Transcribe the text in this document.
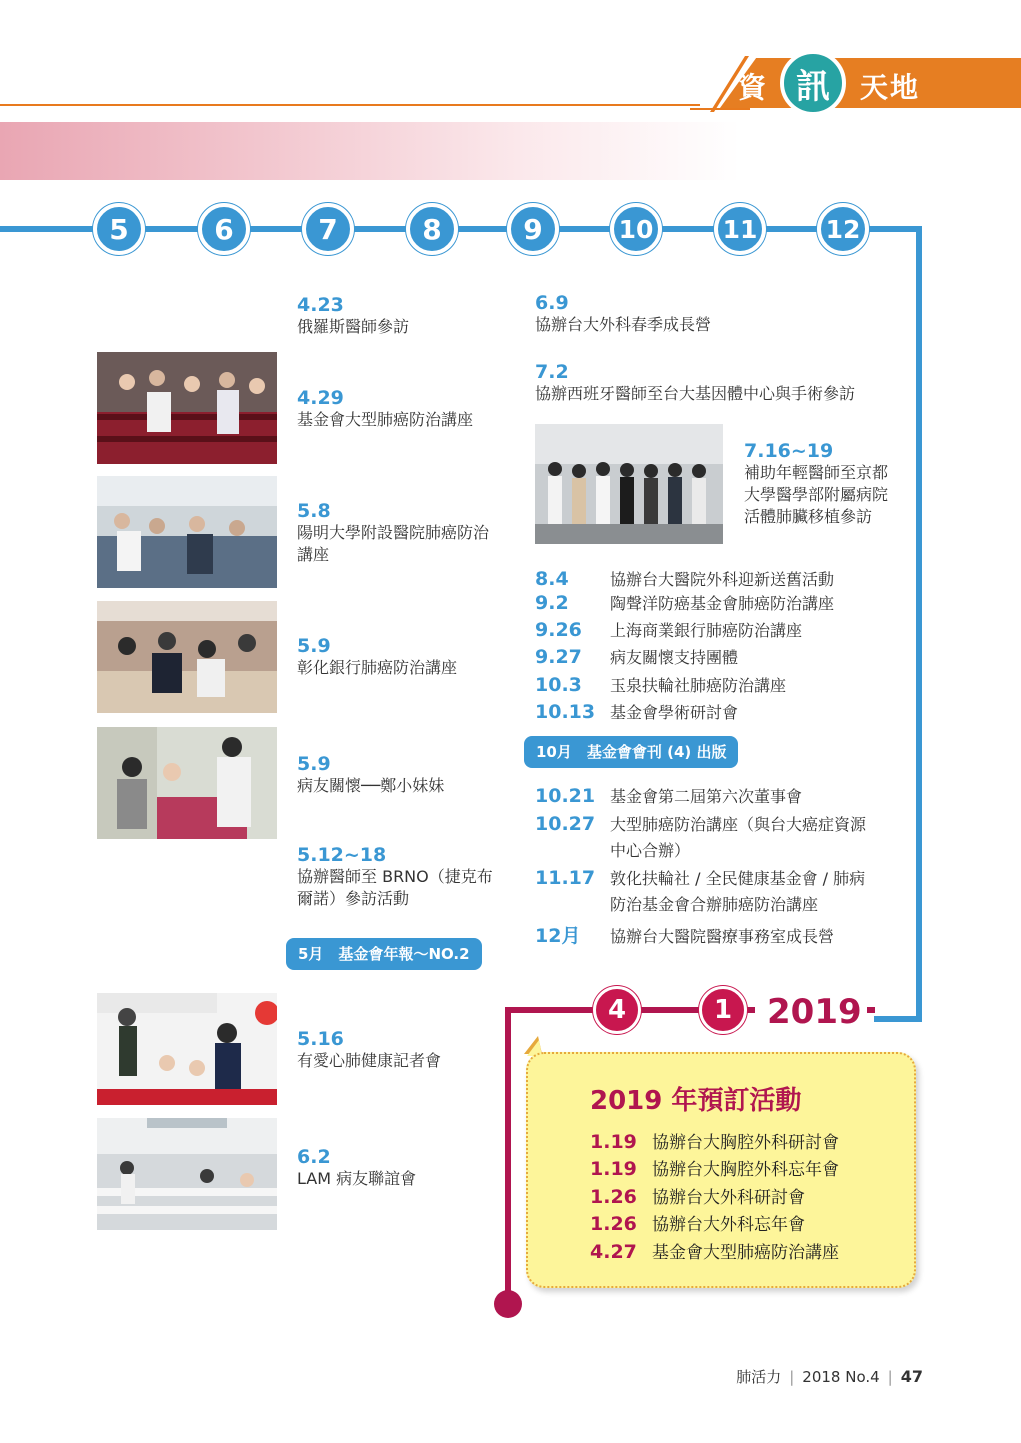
資 訊	天地
5	6	7	8	9	10	11	12
4	1	2019
4.23
俄羅斯醫師參訪
4.29
基金會大型肺癌防治講座
5.8
陽明大學附設醫院肺癌防治
講座
5.9
彰化銀行肺癌防治講座
5.9
病友關懷──鄭小妹妹
5.12~18
協辦醫師至 BRNO（捷克布
爾諾）參訪活動
5月　基金會年報～NO.2
5.16
有愛心肺健康記者會
6.2
LAM 病友聯誼會
6.9
協辦台大外科春季成長營
7.2
協辦西班牙醫師至台大基因體中心與手術參訪
7.16~19
補助年輕醫師至京都
大學醫學部附屬病院
活體肺臟移植參訪
8.4	協辦台大醫院外科迎新送舊活動
9.2	陶聲洋防癌基金會肺癌防治講座
9.26 上海商業銀行肺癌防治講座
9.27 病友關懷支持團體
10.3 玉泉扶輪社肺癌防治講座
10.13 基金會學術研討會
10月　基金會會刊 (4) 出版
10.21 基金會第二屆第六次董事會
10.27 大型肺癌防治講座（與台大癌症資源
中心合辦）
11.17 敦化扶輪社 / 全民健康基金會 / 肺病
防治基金會合辦肺癌防治講座
12月 協辦台大醫院醫療事務室成長營
2019 年預訂活動
1.19 協辦台大胸腔外科研討會
1.19 協辦台大胸腔外科忘年會
1.26 協辦台大外科研討會
1.26 協辦台大外科忘年會
4.27 基金會大型肺癌防治講座
肺活力 | 2018 No.4 | 47
